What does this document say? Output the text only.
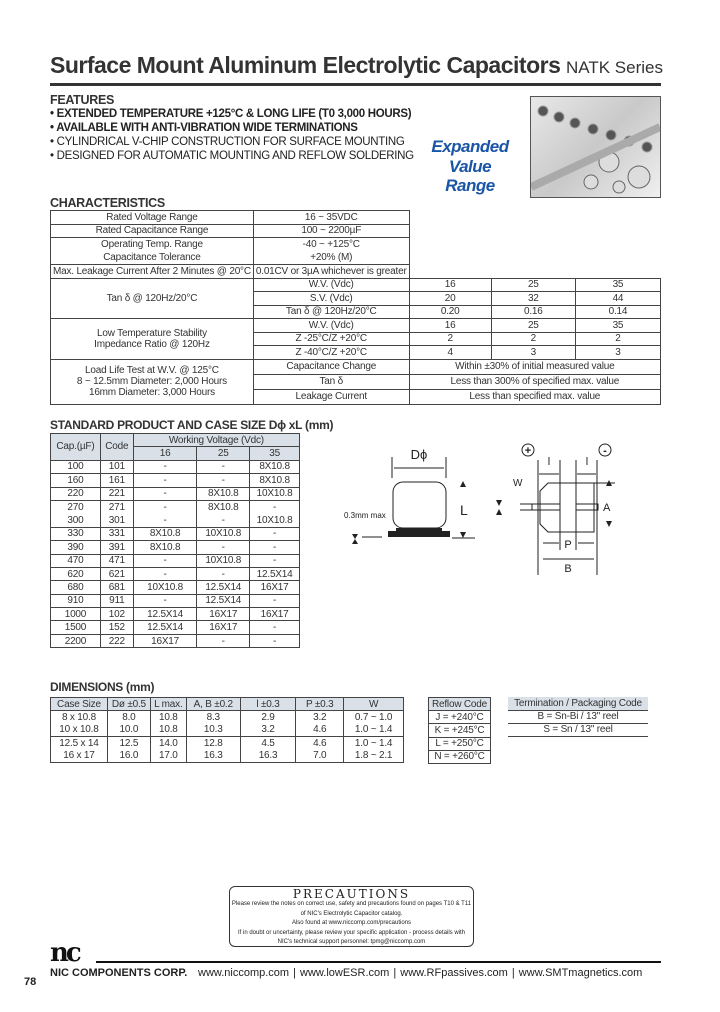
Surface Mount Aluminum Electrolytic Capacitors NATK Series
FEATURES
• EXTENDED TEMPERATURE +125°C & LONG LIFE (T0 3,000 HOURS)
• AVAILABLE WITH ANTI-VIBRATION WIDE TERMINATIONS
• CYLINDRICAL V-CHIP CONSTRUCTION FOR SURFACE MOUNTING
• DESIGNED FOR AUTOMATIC MOUNTING AND REFLOW SOLDERING	Expanded
Value
Range
CHARACTERISTICS
Rated Voltage Range	16 ~ 35VDC			
Rated Capacitance Range	100 ~ 2200µF			
Operating Temp. Range	-40 ~ +125°C			
Capacitance Tolerance	+20% (M)			
Max. Leakage Current After 2 Minutes @ 20°C	0.01CV or 3µA whichever is greater			
Tan δ @ 120Hz/20°C	W.V. (Vdc)	16	25	35
	S.V. (Vdc)	20	32	44
	Tan δ @ 120Hz/20°C	0.20	0.16	0.14

Low Temperature Stability
Impedance Ratio @ 120Hz	W.V. (Vdc)	16	25	35
	Z -25°C/Z +20°C	2	2	2
	Z -40°C/Z +20°C	4	3	3

Load Life Test at W.V. @ 125°C
8 ~ 12.5mm Diameter: 2,000 Hours
16mm Diameter: 3,000 Hours	Capacitance Change	Within ±30% of initial measured value		
	Tan δ	Less than 300% of specified max. value		
	Leakage Current	Less than specified max. value		
STANDARD PRODUCT AND CASE SIZE Dϕ xL (mm)
Cap.(µF)	Code	Working Voltage (Vdc)		
		16	25	35
100	101	-	-	8X10.8
160	161	-	-	8X10.8
220	221	-	8X10.8	10X10.8
270	271	-	8X10.8	-
300	301	-	-	10X10.8
330	331	8X10.8	10X10.8	-
390	391	8X10.8	-	-
470	471	-	10X10.8	-
620	621	-	-	12.5X14
680	681	10X10.8	12.5X14	16X17
910	911	-	12.5X14	-
1000	102	12.5X14	16X17	16X17
1500	152	12.5X14	16X17	-
2200	222	16X17	-	-
Dϕ
L
0.3mm max
+	-
l	l
W
A
P
B
DIMENSIONS (mm)
Case Size	Dø ±0.5	L max.	A, B ±0.2	l ±0.3	P ±0.3	W
8 x 10.8	8.0	10.8	8.3	2.9	3.2	0.7 ~ 1.0
10 x 10.8	10.0	10.8	10.3	3.2	4.6	1.0 ~ 1.4
12.5 x 14	12.5	14.0	12.8	4.5	4.6	1.0 ~ 1.4
16 x 17	16.0	17.0	16.3	16.3	7.0	1.8 ~ 2.1
Reflow Code
J = +240°C
K = +245°C
L = +250°C
N = +260°C
Termination / Packaging Code
B = Sn-Bi / 13" reel
S = Sn / 13" reel
PRECAUTIONS
Please review the notes on correct use, safety and precautions found on pages T10 & T11
of NIC's Electrolytic Capacitor catalog.
Also found at www.niccomp.com/precautions
If in doubt or uncertainty, please review your specific application - process details with
NIC's technical support personnel: tpmg@niccomp.com
nc
NIC COMPONENTS CORP. www.niccomp.com | www.lowESR.com | www.RFpassives.com | www.SMTmagnetics.com
78
